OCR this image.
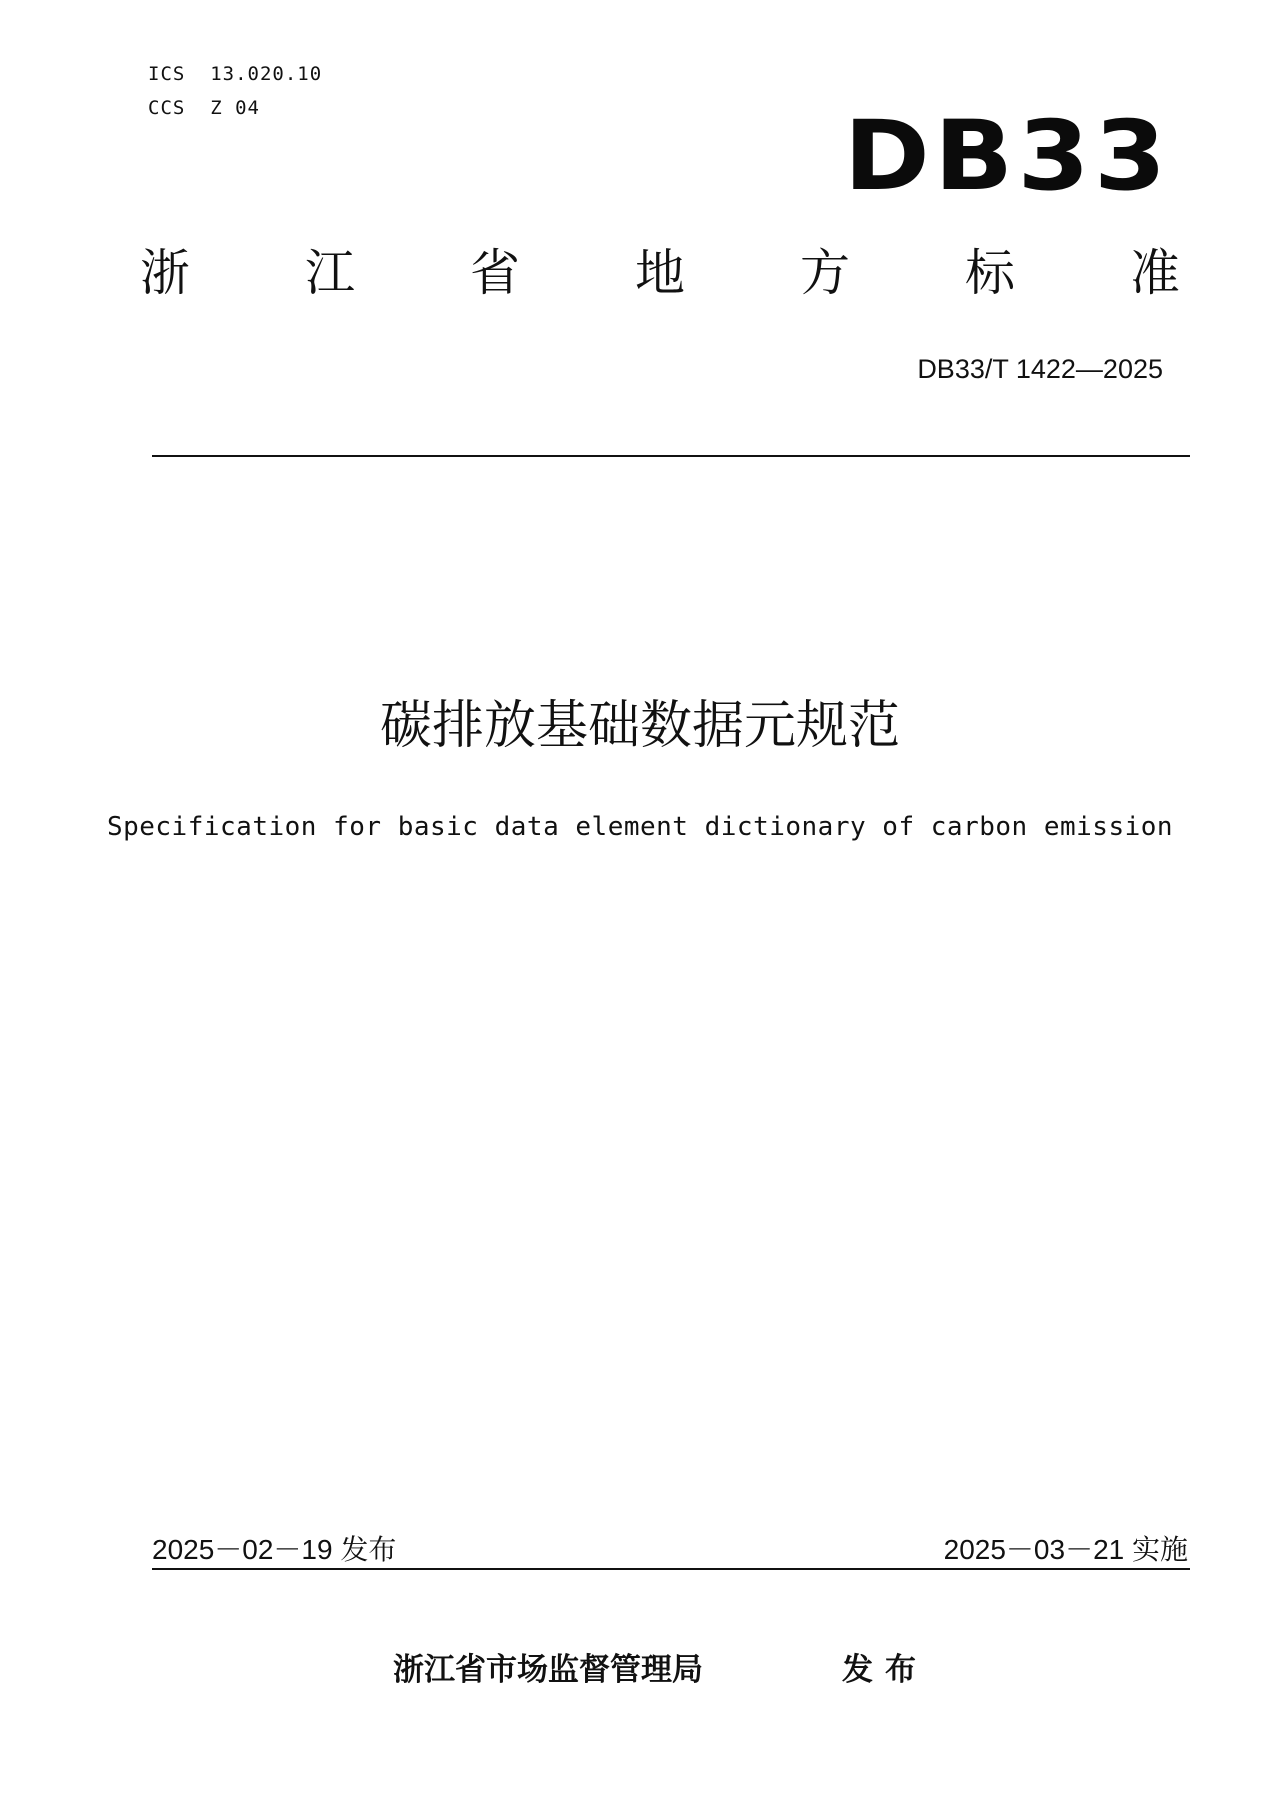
ICS  13.020.10
CCS  Z 04	DB33
浙 江 省 地 方 标 准
DB33/T 1422—2025
碳排放基础数据元规范
Specification for basic data element dictionary of carbon emission
2025－02－19 发布	2025－03－21 实施
浙江省市场监督管理局	发布
